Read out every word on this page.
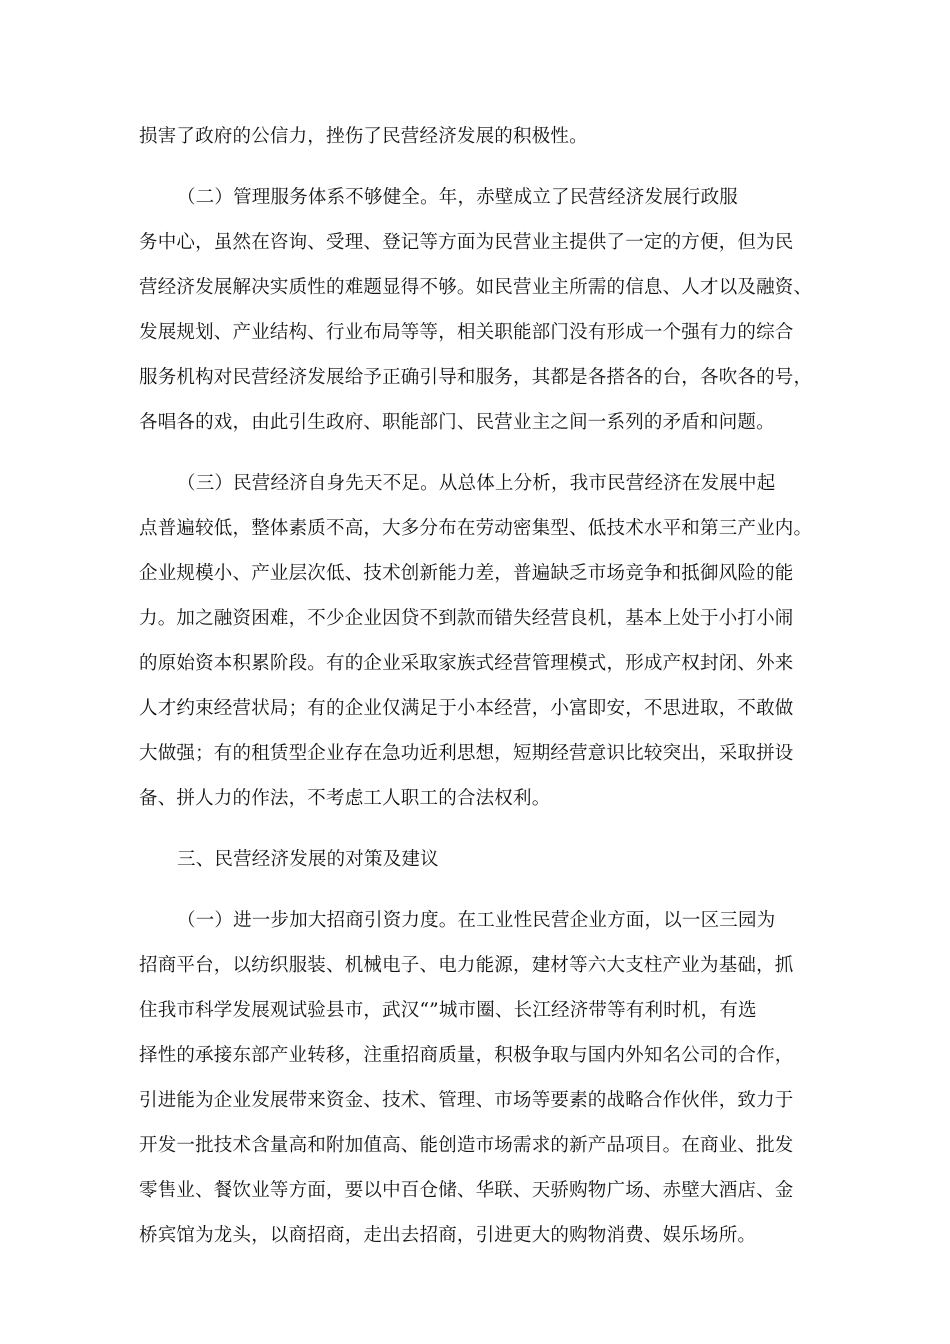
损害了政府的公信力，挫伤了民营经济发展的积极性。
（二）管理服务体系不够健全。年，赤壁成立了民营经济发展行政服
务中心，虽然在咨询、受理、登记等方面为民营业主提供了一定的方便，但为民
营经济发展解决实质性的难题显得不够。如民营业主所需的信息、人才以及融资、
发展规划、产业结构、行业布局等等，相关职能部门没有形成一个强有力的综合
服务机构对民营经济发展给予正确引导和服务，其都是各搭各的台，各吹各的号，
各唱各的戏，由此引生政府、职能部门、民营业主之间一系列的矛盾和问题。
（三）民营经济自身先天不足。从总体上分析，我市民营经济在发展中起
点普遍较低，整体素质不高，大多分布在劳动密集型、低技术水平和第三产业内。
企业规模小、产业层次低、技术创新能力差，普遍缺乏市场竞争和抵御风险的能
力。加之融资困难，不少企业因贷不到款而错失经营良机，基本上处于小打小闹
的原始资本积累阶段。有的企业采取家族式经营管理模式，形成产权封闭、外来
人才约束经营状局；有的企业仅满足于小本经营，小富即安，不思进取，不敢做
大做强；有的租赁型企业存在急功近利思想，短期经营意识比较突出，采取拼设
备、拼人力的作法，不考虑工人职工的合法权利。
三、民营经济发展的对策及建议
（一）进一步加大招商引资力度。在工业性民营企业方面，以一区三园为
招商平台，以纺织服装、机械电子、电力能源，建材等六大支柱产业为基础，抓
住我市科学发展观试验县市，武汉“”城市圈、长江经济带等有利时机，有选
择性的承接东部产业转移，注重招商质量，积极争取与国内外知名公司的合作，
引进能为企业发展带来资金、技术、管理、市场等要素的战略合作伙伴，致力于
开发一批技术含量高和附加值高、能创造市场需求的新产品项目。在商业、批发
零售业、餐饮业等方面，要以中百仓储、华联、天骄购物广场、赤壁大酒店、金
桥宾馆为龙头，以商招商，走出去招商，引进更大的购物消费、娱乐场所。
